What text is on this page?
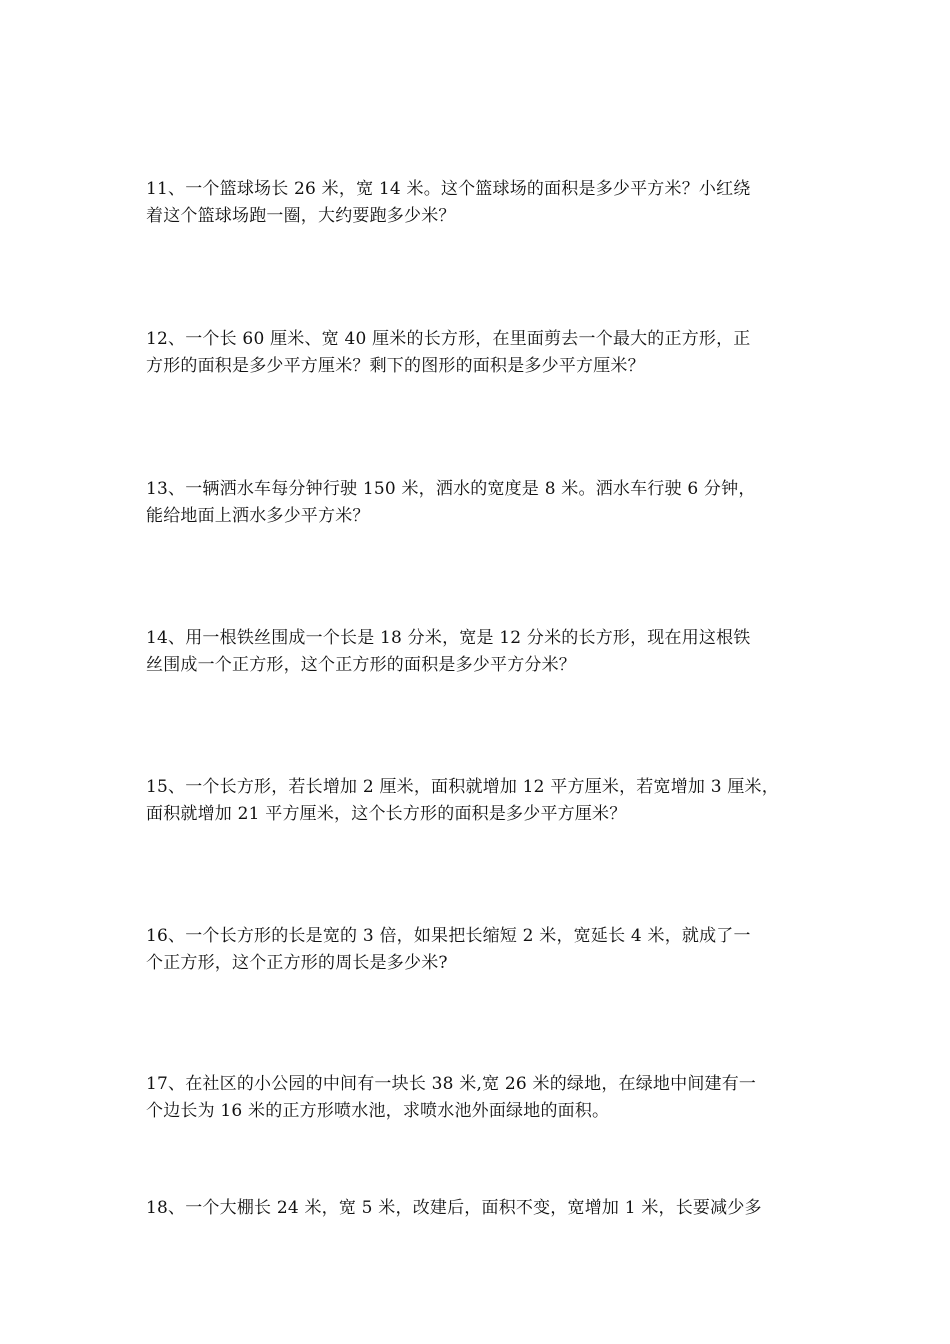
11、一个篮球场长 26 米，宽 14 米。这个篮球场的面积是多少平方米？小红绕
着这个篮球场跑一圈，大约要跑多少米？
12、一个长 60 厘米、宽 40 厘米的长方形，在里面剪去一个最大的正方形，正
方形的面积是多少平方厘米？剩下的图形的面积是多少平方厘米？
13、一辆洒水车每分钟行驶 150 米，洒水的宽度是 8 米。洒水车行驶 6 分钟，
能给地面上洒水多少平方米？
14、用一根铁丝围成一个长是 18 分米，宽是 12 分米的长方形，现在用这根铁
丝围成一个正方形，这个正方形的面积是多少平方分米？
15、一个长方形，若长增加 2 厘米，面积就增加 12 平方厘米，若宽增加 3 厘米，
面积就增加 21 平方厘米，这个长方形的面积是多少平方厘米？
16、一个长方形的长是宽的 3 倍，如果把长缩短 2 米，宽延长 4 米，就成了一
个正方形，这个正方形的周长是多少米?
17、在社区的小公园的中间有一块长 38 米,宽 26 米的绿地，在绿地中间建有一
个边长为 16 米的正方形喷水池，求喷水池外面绿地的面积。
18、一个大棚长 24 米，宽 5 米，改建后，面积不变，宽增加 1 米，长要减少多
